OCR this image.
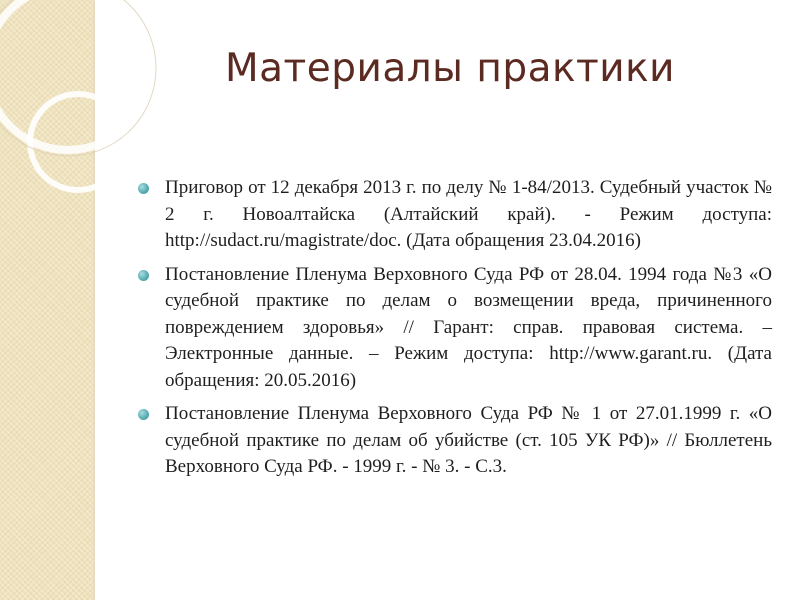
Материалы практики
Приговор от 12 декабря 2013 г. по делу № 1-84/2013. Судебный участок № 2 г. Новоалтайска (Алтайский край). - Режим доступа: http://sudact.ru/magistrate/doc. (Дата обращения 23.04.2016)
Постановление Пленума Верховного Суда РФ от 28.04. 1994 года №3 «О судебной практике по делам о возмещении вреда, причиненного повреждением здоровья» // Гарант: справ. правовая система. – Электронные данные. – Режим доступа: http://www.garant.ru. (Дата обращения: 20.05.2016)
Постановление Пленума Верховного Суда РФ № 1 от 27.01.1999 г. «О судебной практике по делам об убийстве (ст. 105 УК РФ)» // Бюллетень Верховного Суда РФ. - 1999 г. - № 3. - С.3.
